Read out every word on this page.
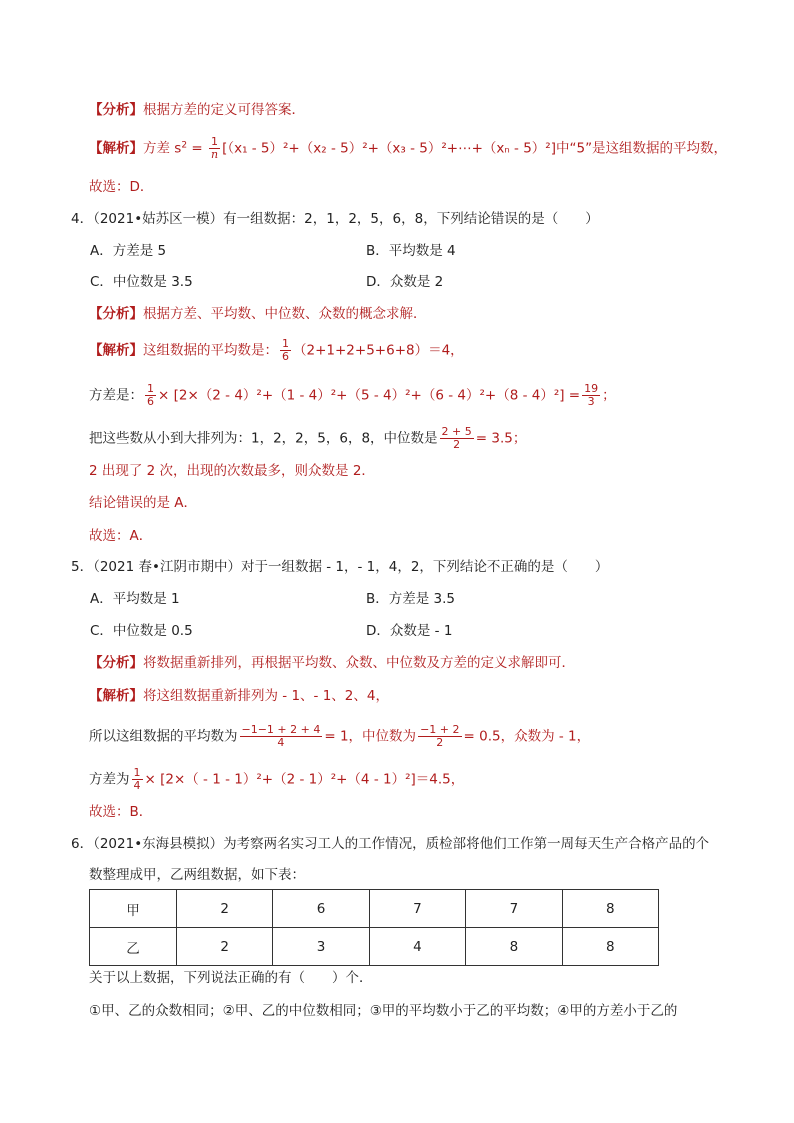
【分析】根据方差的定义可得答案．
【解析】方差 $s^2 = \frac{1}{n} [(x_1 - 5)^2+(x_2 - 5)^2+(x_3$ - 5）²+⋯+（xₙ - 5）²]中“5”是这组数据的平均数，
故选：D．
4．（2021•姑苏区一模）有一组数据：2，1，2，5，6，8，下列结论错误的是（　　）
A．方差是 5	B．平均数是 4
C．中位数是 3.5	D．众数是 2
【分析】根据方差、平均数、中位数、众数的概念求解．
【解析】这组数据的平均数是： $\frac{1}{6} (2+1+2+5+6+8)=4$，
方差是： $\frac{1}{6} \times [2\times(2 - 4)^2+(1 - 4)^2+(5 - 4)^2+(6 - 4)^2+(8 - 4)^2] = \frac{19}{3}$ ；
把这些数从小到大排列为：1，2，2，5，6，8，中位数是 $\frac{2 + 5}{2} = 3.5$；
2 出现了 2 次，出现的次数最多，则众数是 2．
结论错误的是 A．
故选：A．
5．（2021 春•江阴市期中）对于一组数据 - 1，- 1，4，2，下列结论不正确的是（　　）
A．平均数是 1	B．方差是 3.5
C．中位数是 0.5	D．众数是 - 1
【分析】将数据重新排列，再根据平均数、众数、中位数及方差的定义求解即可．
【解析】将这组数据重新排列为 - 1、- 1、2、4，
所以这组数据的平均数为 $\frac{-1-1 + 2 + 4}{4} = 1$，中位数为 $\frac{-1 + 2}{2} = 0.5$，众数为 - 1，
方差为 $\frac{1}{4} \times [2\times( - 1 - 1)^2+(2 - 1)^2+(4 - 1)^2]=4.5$，
故选：B．
6．（2021•东海县模拟）为考察两名实习工人的工作情况，质检部将他们工作第一周每天生产合格产品的个
数整理成甲，乙两组数据，如下表：
甲	2	6	7	7	8
乙	2	3	4	8	8
关于以上数据，下列说法正确的有（　　）个．
①甲、乙的众数相同；②甲、乙的中位数相同；③甲的平均数小于乙的平均数；④甲的方差小于乙的
